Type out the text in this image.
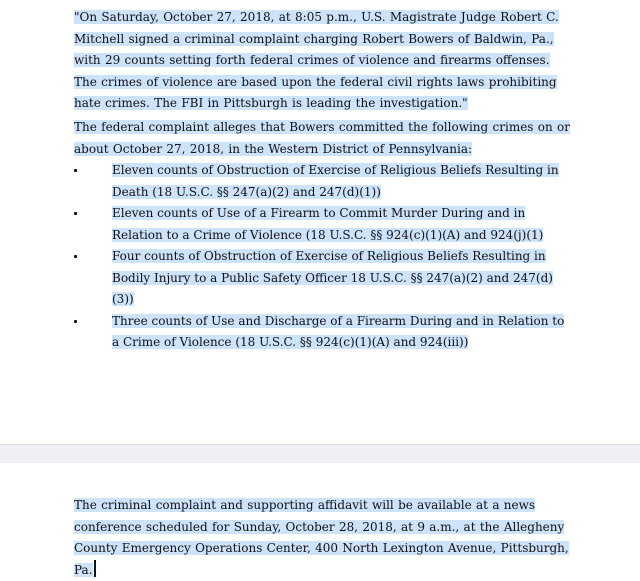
"On Saturday, October 27, 2018, at 8:05 p.m., U.S. Magistrate Judge Robert C. Mitchell signed a criminal complaint charging Robert Bowers of Baldwin, Pa., with 29 counts setting forth federal crimes of violence and firearms offenses. The crimes of violence are based upon the federal civil rights laws prohibiting hate crimes. The FBI in Pittsburgh is leading the investigation."

The federal complaint alleges that Bowers committed the following crimes on or about October 27, 2018, in the Western District of Pennsylvania:

Eleven counts of Obstruction of Exercise of Religious Beliefs Resulting in Death (18 U.S.C. §§ 247(a)(2) and 247(d)(1))
Eleven counts of Use of a Firearm to Commit Murder During and in Relation to a Crime of Violence (18 U.S.C. §§ 924(c)(1)(A) and 924(j)(1)
Four counts of Obstruction of Exercise of Religious Beliefs Resulting in Bodily Injury to a Public Safety Officer 18 U.S.C. §§ 247(a)(2) and 247(d)(3))
Three counts of Use and Discharge of a Firearm During and in Relation to a Crime of Violence (18 U.S.C. §§ 924(c)(1)(A) and 924(iii))

The criminal complaint and supporting affidavit will be available at a news conference scheduled for Sunday, October 28, 2018, at 9 a.m., at the Allegheny County Emergency Operations Center, 400 North Lexington Avenue, Pittsburgh, Pa.
